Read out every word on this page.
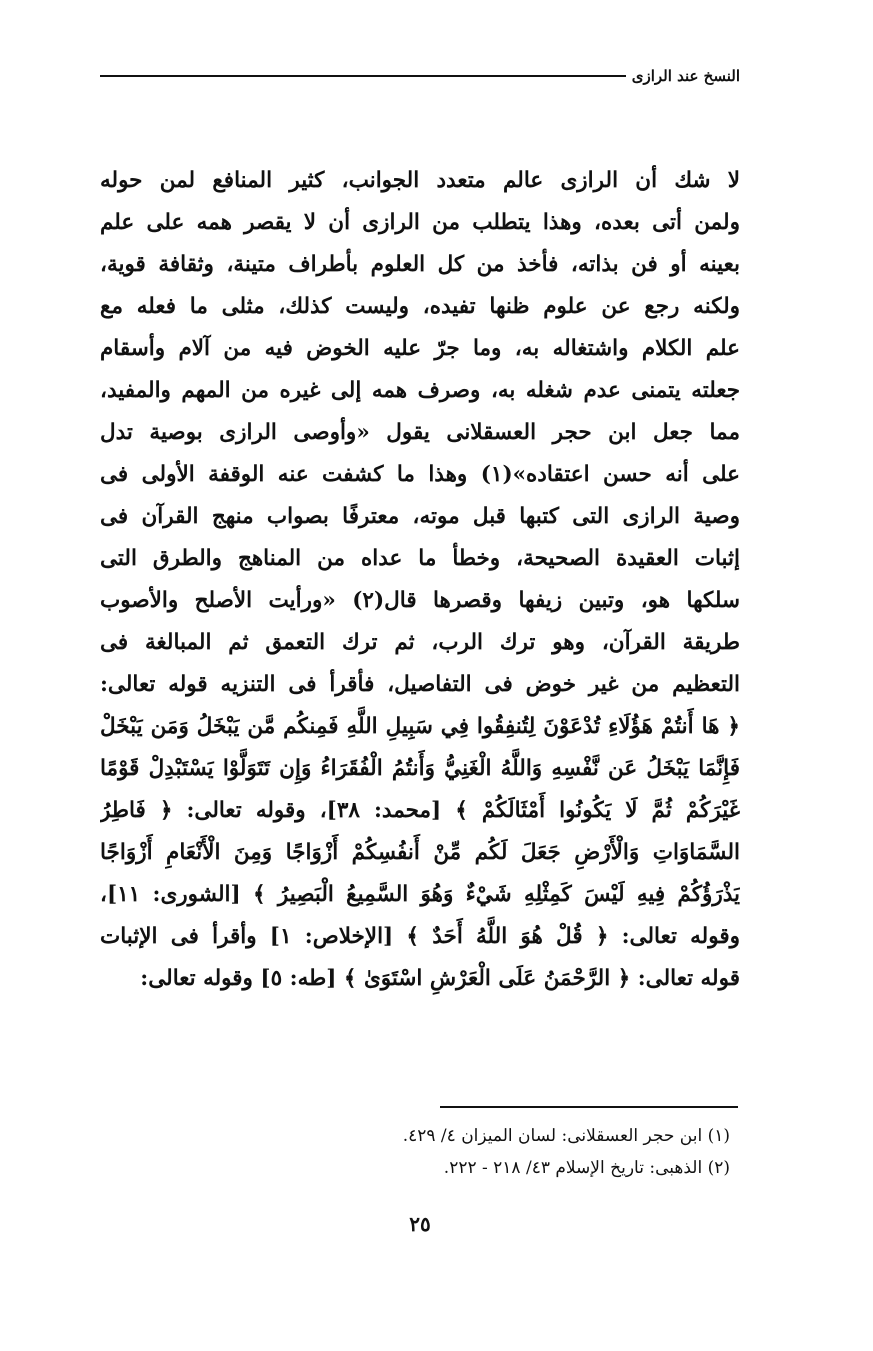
النسخ عند الرازى
لا شك أن الرازى عالم متعدد الجوانب، كثير المنافع لمن حوله
ولمن أتى بعده، وهذا يتطلب من الرازى أن لا يقصر همه على علم
بعينه أو فن بذاته، فأخذ من كل العلوم بأطراف متينة، وثقافة قوية،
ولكنه رجع عن علوم ظنها تفيده، وليست كذلك، مثلى ما فعله مع
علم الكلام واشتغاله به، وما جرّ عليه الخوض فيه من آلام وأسقام
جعلته يتمنى عدم شغله به، وصرف همه إلى غيره من المهم والمفيد،
مما جعل ابن حجر العسقلانى يقول «وأوصى الرازى بوصية تدل
على أنه حسن اعتقاده»(١) وهذا ما كشفت عنه الوقفة الأولى فى
وصية الرازى التى كتبها قبل موته، معترفًا بصواب منهج القرآن فى
إثبات العقيدة الصحيحة، وخطأ ما عداه من المناهج والطرق التى
سلكها هو، وتبين زيفها وقصرها قال(٢) «ورأيت الأصلح والأصوب
طريقة القرآن، وهو ترك الرب، ثم ترك التعمق ثم المبالغة فى
التعظيم من غير خوض فى التفاصيل، فأقرأ فى التنزيه قوله تعالى:
﴿ هَا أَنتُمْ هَؤُلَاءِ تُدْعَوْنَ لِتُنفِقُوا فِي سَبِيلِ اللَّهِ فَمِنكُم مَّن يَبْخَلُ وَمَن يَبْخَلْ
فَإِنَّمَا يَبْخَلُ عَن نَّفْسِهِ وَاللَّهُ الْغَنِيُّ وَأَنتُمُ الْفُقَرَاءُ وَإِن تَتَوَلَّوْا يَسْتَبْدِلْ قَوْمًا
غَيْرَكُمْ ثُمَّ لَا يَكُونُوا أَمْثَالَكُمْ ﴾ [محمد: ٣٨]، وقوله تعالى: ﴿ فَاطِرُ
السَّمَاوَاتِ وَالْأَرْضِ جَعَلَ لَكُم مِّنْ أَنفُسِكُمْ أَزْوَاجًا وَمِنَ الْأَنْعَامِ أَزْوَاجًا
يَذْرَؤُكُمْ فِيهِ لَيْسَ كَمِثْلِهِ شَيْءٌ وَهُوَ السَّمِيعُ الْبَصِيرُ ﴾ [الشورى: ١١]،
وقوله تعالى: ﴿ قُلْ هُوَ اللَّهُ أَحَدٌ ﴾ [الإخلاص: ١] وأقرأ فى الإثبات
قوله تعالى: ﴿ الرَّحْمَنُ عَلَى الْعَرْشِ اسْتَوَىٰ ﴾ [طه: ٥] وقوله تعالى:
(١) ابن حجر العسقلانى: لسان الميزان ٤/ ٤٢٩.
(٢) الذهبى: تاريخ الإسلام ٤٣/ ٢١٨ - ٢٢٢.
٢٥
